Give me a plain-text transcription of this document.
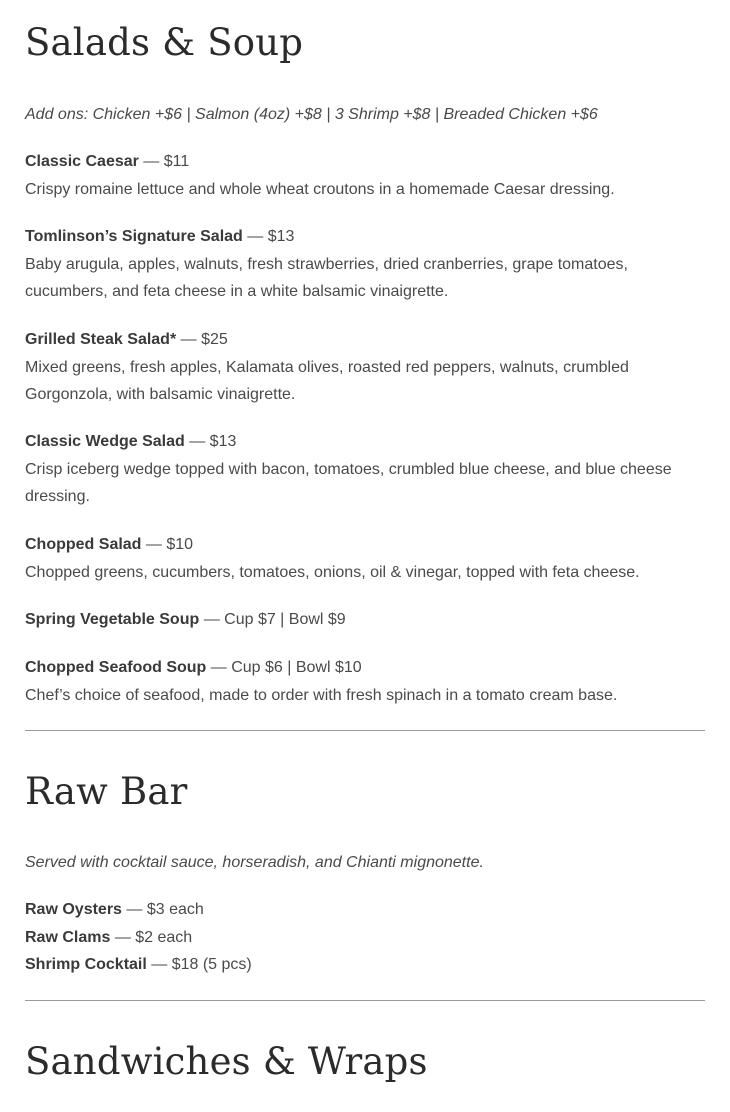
Salads & Soup

Add ons: Chicken +$6 | Salmon (4oz) +$8 | 3 Shrimp +$8 | Breaded Chicken +$6

Classic Caesar — $11
Crispy romaine lettuce and whole wheat croutons in a homemade Caesar dressing.
Tomlinson’s Signature Salad — $13
Baby arugula, apples, walnuts, fresh strawberries, dried cranberries, grape tomatoes, cucumbers, and feta cheese in a white balsamic vinaigrette.
Grilled Steak Salad* — $25
Mixed greens, fresh apples, Kalamata olives, roasted red peppers, walnuts, crumbled Gorgonzola, with balsamic vinaigrette.
Classic Wedge Salad — $13
Crisp iceberg wedge topped with bacon, tomatoes, crumbled blue cheese, and blue cheese dressing.
Chopped Salad — $10
Chopped greens, cucumbers, tomatoes, onions, oil & vinegar, topped with feta cheese.
Spring Vegetable Soup — Cup $7 | Bowl $9
Chopped Seafood Soup — Cup $6 | Bowl $10
Chef’s choice of seafood, made to order with fresh spinach in a tomato cream base.
Raw Bar

Served with cocktail sauce, horseradish, and Chianti mignonette.

Raw Oysters — $3 each
Raw Clams — $2 each
Shrimp Cocktail — $18 (5 pcs)
Sandwiches & Wraps
